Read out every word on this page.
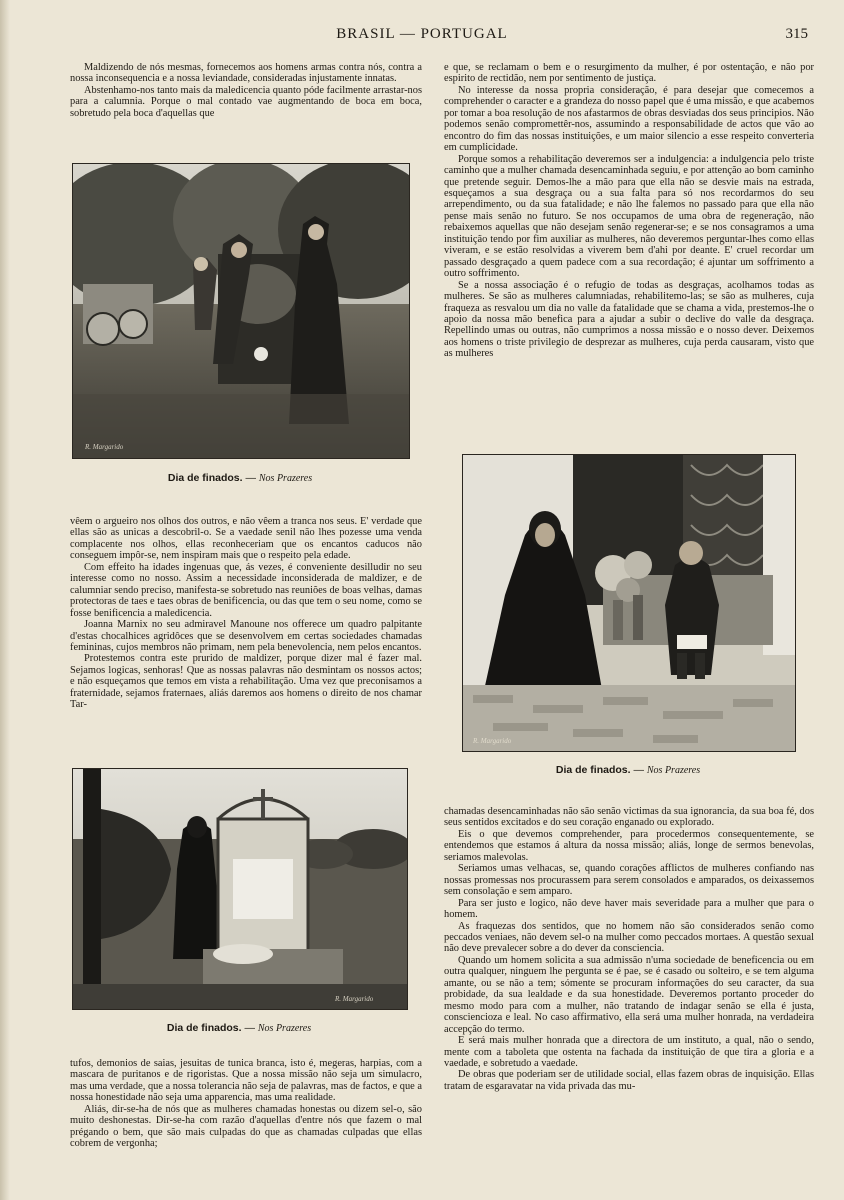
BRASIL — PORTUGAL	315

Maldizendo de nós mesmas, fornecemos aos homens armas contra nós, contra a nossa inconsequencia e a nossa leviandade, consideradas injustamente innatas.

Abstenhamo-nos tanto mais da maledicencia quanto póde facilmente arrastar-nos para a calumnia. Porque o mal contado vae augmentando de boca em boca, sobretudo pela boca d'aquellas que

R. Margarido
Dia de finados. — Nos Prazeres

vêem o argueiro nos olhos dos outros, e não vêem a tranca nos seus. E' verdade que ellas são as unicas a descobril-o. Se a vaedade senil não lhes pozesse uma venda complacente nos olhos, ellas reconheceriam que os encantos caducos não conseguem impôr-se, nem inspiram mais que o respeito pela edade.

Com effeito ha idades ingenuas que, ás vezes, é conveniente desilludir no seu interesse como no nosso. Assim a necessidade inconsiderada de maldizer, e de calumniar sendo preciso, manifesta-se sobretudo nas reuniões de boas velhas, damas protectoras de taes e taes obras de benificencia, ou das que tem o seu nome, como se fosse benificencia a maledicencia.

Joanna Marnix no seu admiravel Manoune nos offerece um quadro palpitante d'estas chocalhices agridôces que se desenvolvem em certas sociedades chamadas femininas, cujos membros não primam, nem pela benevolencia, nem pelos encantos.

Protestemos contra este prurido de maldizer, porque dizer mal é fazer mal. Sejamos logicas, senhoras! Que as nossas palavras não desmintam os nossos actos; e não esqueçamos que temos em vista a rehabilitação. Uma vez que preconisamos a fraternidade, sejamos fraternaes, aliás daremos aos homens o direito de nos chamar Tar-

R. Margarido
Dia de finados. — Nos Prazeres

tufos, demonios de saias, jesuitas de tunica branca, isto é, megeras, harpias, com a mascara de puritanos e de rigoristas. Que a nossa missão não seja um simulacro, mas uma verdade, que a nossa tolerancia não seja de palavras, mas de factos, e que a nossa honestidade não seja uma apparencia, mas uma realidade.

Aliás, dir-se-ha de nós que as mulheres chamadas honestas ou dizem sel-o, são muito deshonestas. Dir-se-ha com razão d'aquellas d'entre nós que fazem o mal prégando o bem, que são mais culpadas do que as chamadas culpadas que ellas cobrem de vergonha;

e que, se reclamam o bem e o resurgimento da mulher, é por ostentação, e não por espirito de rectidão, nem por sentimento de justiça.

No interesse da nossa propria consideração, é para desejar que comecemos a comprehender o caracter e a grandeza do nosso papel que é uma missão, e que acabemos por tomar a boa resolução de nos afastarmos de obras desviadas dos seus principios. Não podemos senão compromettêr-nos, assumindo a responsabilidade de actos que vão ao encontro do fim das nossas instituições, e um maior silencio a esse respeito converteria em cumplicidade.

Porque somos a rehabilitação deveremos ser a indulgencia: a indulgencia pelo triste caminho que a mulher chamada desencaminhada seguiu, e por attenção ao bom caminho que pretende seguir. Demos-lhe a mão para que ella não se desvie mais na estrada, esqueçamos a sua desgraça ou a sua falta para só nos recordarmos do seu arrependimento, ou da sua fatalidade; e não lhe falemos no passado para que ella não pense mais senão no futuro. Se nos occupamos de uma obra de regeneração, não rebaixemos aquellas que não desejam senão regenerar-se; e se nos consagramos a uma instituição tendo por fim auxiliar as mulheres, não deveremos perguntar-lhes como ellas viveram, e se estão resolvidas a viverem bem d'ahi por deante. E' cruel recordar um passado desgraçado a quem padece com a sua recordação; é ajuntar um soffrimento a outro soffrimento.

Se a nossa associação é o refugio de todas as desgraças, acolhamos todas as mulheres. Se são as mulheres calumniadas, rehabilitemo-las; se são as mulheres, cuja fraqueza as resvalou um dia no valle da fatalidade que se chama a vida, prestemos-lhe o apoio da nossa mão benefica para a ajudar a subir o declive do valle da desgraça. Repellindo umas ou outras, não cumprimos a nossa missão e o nosso dever. Deixemos aos homens o triste privilegio de desprezar as mulheres, cuja perda causaram, visto que as mulheres

R. Margarido
Dia de finados. — Nos Prazeres

chamadas desencaminhadas não são senão victimas da sua ignorancia, da sua boa fé, dos seus sentidos excitados e do seu coração enganado ou explorado.

Eis o que devemos comprehender, para procedermos consequentemente, se entendemos que estamos á altura da nossa missão; aliás, longe de sermos benevolas, seriamos malevolas.

Seriamos umas velhacas, se, quando corações afflictos de mulheres confiando nas nossas promessas nos procurassem para serem consolados e amparados, os deixassemos sem consolação e sem amparo.

Para ser justo e logico, não deve haver mais severidade para a mulher que para o homem.

As fraquezas dos sentidos, que no homem não são considerados senão como peccados veniaes, não devem sel-o na mulher como peccados mortaes. A questão sexual não deve prevalecer sobre a do dever da consciencia.

Quando um homem solicita a sua admissão n'uma sociedade de beneficencia ou em outra qualquer, ninguem lhe pergunta se é pae, se é casado ou solteiro, e se tem alguma amante, ou se não a tem; sómente se procuram informações do seu caracter, da sua probidade, da sua lealdade e da sua honestidade. Deveremos portanto proceder do mesmo modo para com a mulher, não tratando de indagar senão se ella é justa, consciencioza e leal. No caso affirmativo, ella será uma mulher honrada, na verdadeira accepção do termo.

E será mais mulher honrada que a directora de um instituto, a qual, não o sendo, mente com a taboleta que ostenta na fachada da instituição de que tira a gloria e a vaedade, e sobretudo a vaedade.

De obras que poderiam ser de utilidade social, ellas fazem obras de inquisição. Ellas tratam de esgaravatar na vida privada das mu-
